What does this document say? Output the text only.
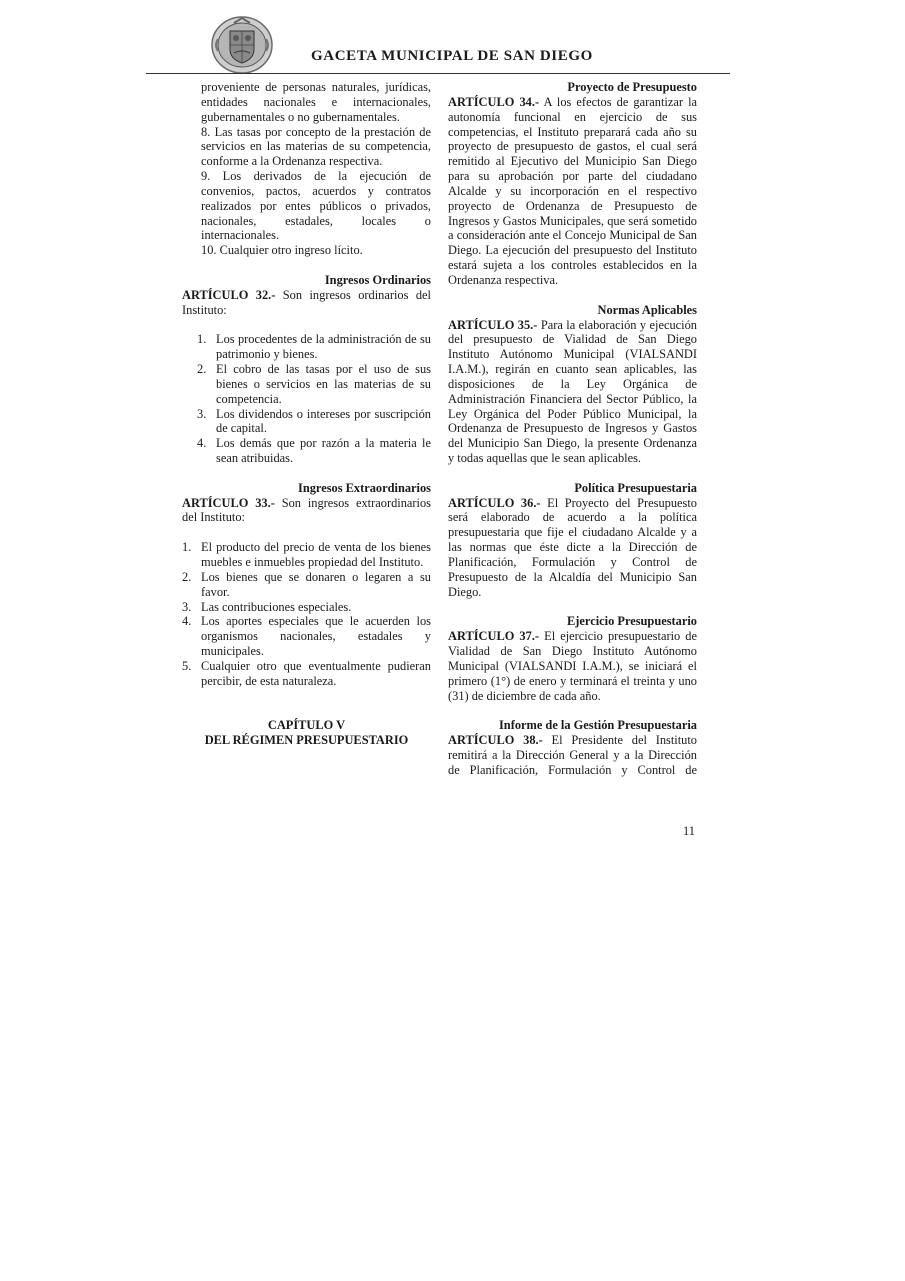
GACETA MUNICIPAL DE SAN DIEGO

proveniente de personas naturales, jurídicas, entidades nacionales e internacionales, gubernamentales o no gubernamentales.

8. Las tasas por concepto de la prestación de servicios en las materias de su competencia, conforme a la Ordenanza respectiva.

9. Los derivados de la ejecución de convenios, pactos, acuerdos y contratos realizados por entes públicos o privados, nacionales, estadales, locales o internacionales.

10. Cualquier otro ingreso lícito.

Ingresos Ordinarios

ARTÍCULO 32.- Son ingresos ordinarios del Instituto:

1. Los procedentes de la administración de su patrimonio y bienes.
2. El cobro de las tasas por el uso de sus bienes o servicios en las materias de su competencia.
3. Los dividendos o intereses por suscripción de capital.
4. Los demás que por razón a la materia le sean atribuidas.

Ingresos Extraordinarios

ARTÍCULO 33.- Son ingresos extraordinarios del Instituto:

1. El producto del precio de venta de los bienes muebles e inmuebles propiedad del Instituto.
2. Los bienes que se donaren o legaren a su favor.
3. Las contribuciones especiales.
4. Los aportes especiales que le acuerden los organismos nacionales, estadales y municipales.
5. Cualquier otro que eventualmente pudieran percibir, de esta naturaleza.

CAPÍTULO V

DEL RÉGIMEN PRESUPUESTARIO

Proyecto de Presupuesto

ARTÍCULO 34.- A los efectos de garantizar la autonomía funcional en ejercicio de sus competencias, el Instituto preparará cada año su proyecto de presupuesto de gastos, el cual será remitido al Ejecutivo del Municipio San Diego para su aprobación por parte del ciudadano Alcalde y su incorporación en el respectivo proyecto de Ordenanza de Presupuesto de Ingresos y Gastos Municipales, que será sometido a consideración ante el Concejo Municipal de San Diego. La ejecución del presupuesto del Instituto estará sujeta a los controles establecidos en la Ordenanza respectiva.

Normas Aplicables

ARTÍCULO 35.- Para la elaboración y ejecución del presupuesto de Vialidad de San Diego Instituto Autónomo Municipal (VIALSANDI I.A.M.), regirán en cuanto sean aplicables, las disposiciones de la Ley Orgánica de Administración Financiera del Sector Público, la Ley Orgánica del Poder Público Municipal, la Ordenanza de Presupuesto de Ingresos y Gastos del Municipio San Diego, la presente Ordenanza y todas aquellas que le sean aplicables.

Política Presupuestaria

ARTÍCULO 36.- El Proyecto del Presupuesto será elaborado de acuerdo a la política presupuestaria que fije el ciudadano Alcalde y a las normas que éste dicte a la Dirección de Planificación, Formulación y Control de Presupuesto de la Alcaldía del Municipio San Diego.

Ejercicio Presupuestario

ARTÍCULO 37.- El ejercicio presupuestario de Vialidad de San Diego Instituto Autónomo Municipal (VIALSANDI I.A.M.), se iniciará el primero (1°) de enero y terminará el treinta y uno (31) de diciembre de cada año.

Informe de la Gestión Presupuestaria

ARTÍCULO 38.- El Presidente del Instituto remitirá a la Dirección General y a la Dirección de Planificación, Formulación y Control de

11
